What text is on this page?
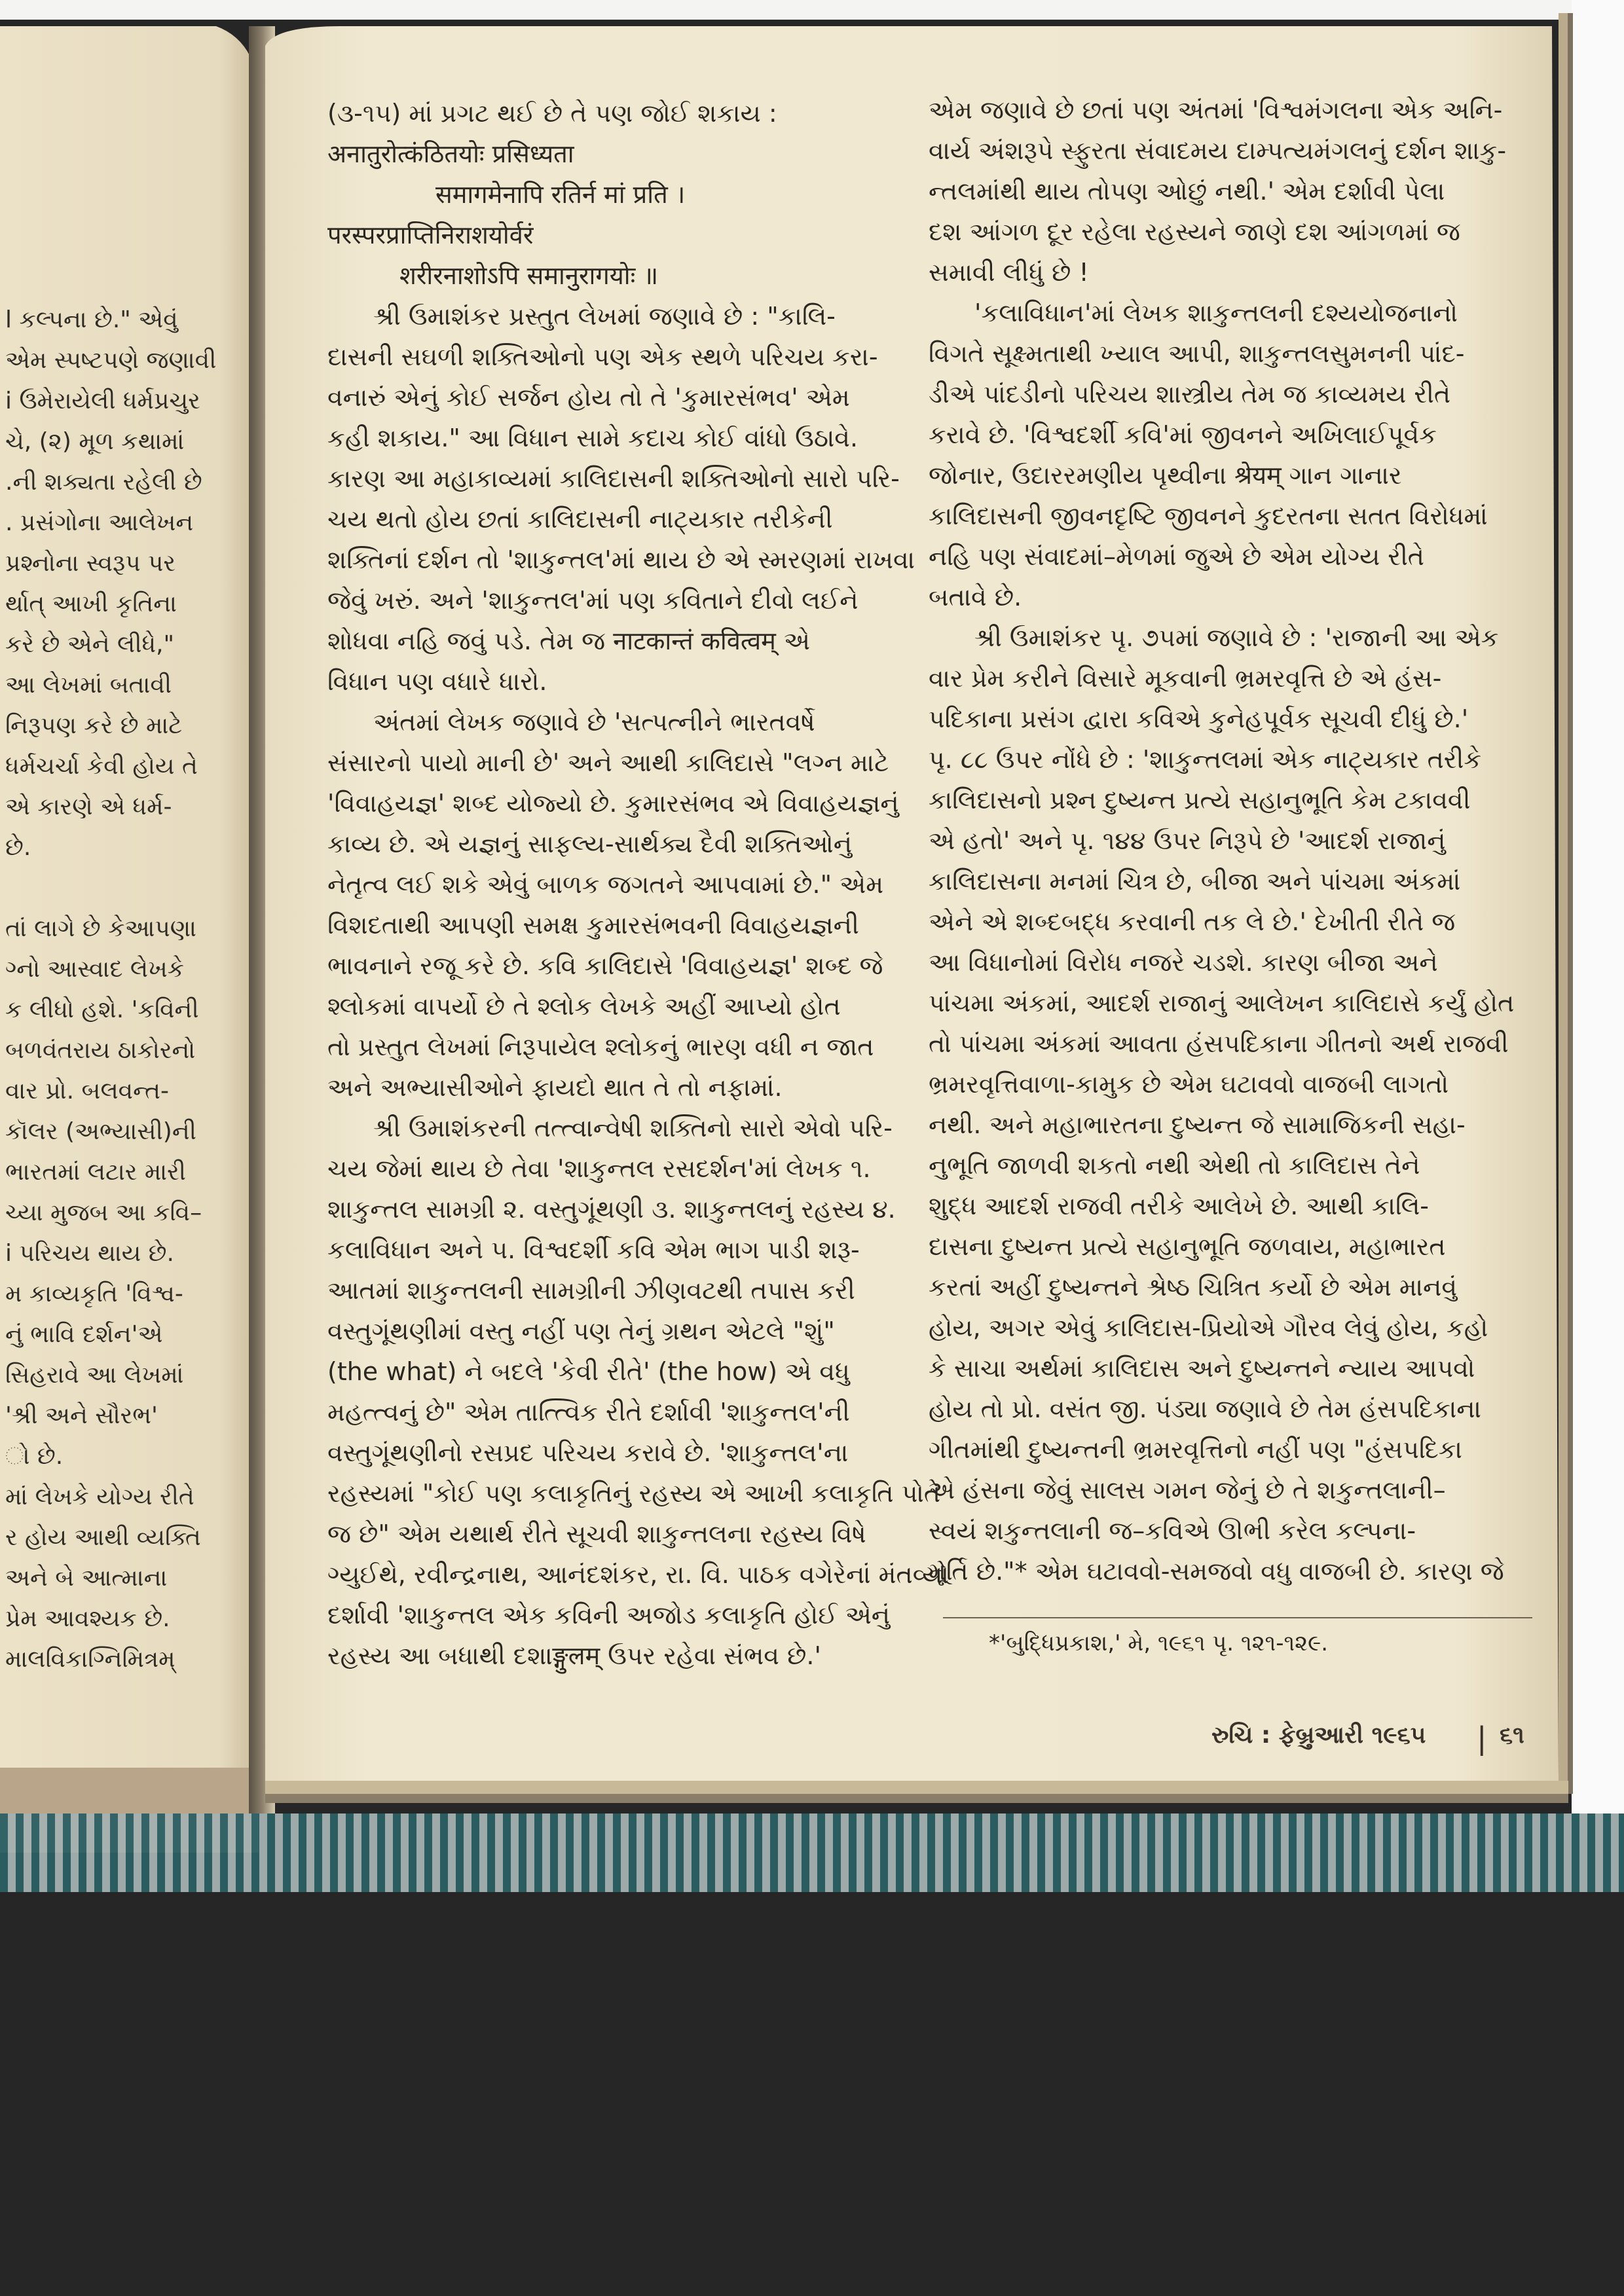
l કલ્પના છે." એવું
એમ સ્પષ્ટપણે જણાવી
i ઉમેરાયેલી ધર્મપ્રચુર
ચે, (૨) મૂળ કથામાં
.ની શક્યતા રહેલી છે
. પ્રસંગોના આલેખન
પ્રશ્નોના સ્વરૂપ પર
ર્થાત્ આખી કૃતિના
કરે છે એને લીધે,"
આ લેખમાં બતાવી
નિરૂપણ કરે છે માટે
ધર્મચર્ચા કેવી હોય તે
એ કારણે એ ધર્મ-
છે.
તાં લાગે છે કેઆપણા
ગ્નો આસ્વાદ લેખકે
ક લીધો હશે. 'કવિની
બળવંતરાય ઠાકોરનો
વાર પ્રો. બલવન્ત-
કૉલર (અભ્યાસી)ની
ભારતમાં લટાર મારી
ચ્યા મુજબ આ કવિ–
i પરિચય થાય છે.
મ કાવ્યકૃતિ 'વિશ્વ-
નું ભાવિ દર્શન'એ
સિહરાવે આ લેખમાં
'શ્રી અને સૌરભ'
ો છે.
માં લેખકે યોગ્ય રીતે
ર હોય આથી વ્યક્તિ
અને બે આત્માના
પ્રેમ આવશ્યક છે.
માલવિકાગ્નિમિત્રમ્
(૩-૧૫) માં પ્રગટ થઈ છે તે પણ જોઈ શકાય :
अनातुरोत्कंठितयोः प्रसिध्यता
समागमेनापि रतिर्न मां प्रति ।
परस्परप्राप्तिनिराशयोर्वरं
शरीरनाशोऽपि समानुरागयोः ॥
શ્રી ઉમાશંકર પ્રસ્તુત લેખમાં જણાવે છે : "કાલિ-
દાસની સઘળી શક્તિઓનો પણ એક સ્થળે પરિચય કરા-
વનારું એનું કોઈ સર્જન હોય તો તે 'કુમારસંભવ' એમ
કહી શકાય." આ વિધાન સામે કદાચ કોઈ વાંધો ઉઠાવે.
કારણ આ મહાકાવ્યમાં કાલિદાસની શક્તિઓનો સારો પરિ-
ચય થતો હોય છતાં કાલિદાસની નાટ્યકાર તરીકેની
શક્તિનાં દર્શન તો 'શાકુન્તલ'માં થાય છે એ સ્મરણમાં રાખવા
જેવું ખરું. અને 'શાકુન્તલ'માં પણ કવિતાને દીવો લઈને
શોધવા નહિ જવું પડે. તેમ જ नाटकान्तं कवित्वम् એ
વિધાન પણ વધારે ધારો.
અંતમાં લેખક જણાવે છે 'સત્પત્નીને ભારતવર્ષે
સંસારનો પાયો માની છે' અને આથી કાલિદાસે "લગ્ન માટે
'વિવાહયજ્ઞ' શબ્દ યોજ્યો છે. કુમારસંભવ એ વિવાહયજ્ઞનું
કાવ્ય છે. એ યજ્ઞનું સાફલ્ય-સાર્થક્ય દૈવી શક્તિઓનું
નેતૃત્વ લઈ શકે એવું બાળક જગતને આપવામાં છે." એમ
વિશદતાથી આપણી સમક્ષ કુમારસંભવની વિવાહયજ્ઞની
ભાવનાને રજૂ કરે છે. કવિ કાલિદાસે 'વિવાહયજ્ઞ' શબ્દ જે
શ્લોકમાં વાપર્યો છે તે શ્લોક લેખકે અહીં આપ્યો હોત
તો પ્રસ્તુત લેખમાં નિરૂપાયેલ શ્લોકનું ભારણ વધી ન જાત
અને અભ્યાસીઓને ફાયદો થાત તે તો નફામાં.
શ્રી ઉમાશંકરની તત્ત્વાન્વેષી શક્તિનો સારો એવો પરિ-
ચય જેમાં થાય છે તેવા 'શાકુન્તલ રસદર્શન'માં લેખક ૧.
શાકુન્તલ સામગ્રી ૨. વસ્તુગૂંથણી ૩. શાકુન્તલનું રહસ્ય ૪.
કલાવિધાન અને ૫. વિશ્વદર્શી કવિ એમ ભાગ પાડી શરૂ-
આતમાં શાકુન્તલની સામગ્રીની ઝીણવટથી તપાસ કરી
વસ્તુગૂંથણીમાં વસ્તુ નહીં પણ તેનું ગ્રથન એટલે "શું"
(the what) ને બદલે 'કેવી રીતે' (the how) એ વધુ
મહત્ત્વનું છે" એમ તાત્ત્વિક રીતે દર્શાવી 'શાકુન્તલ'ની
વસ્તુગૂંથણીનો રસપ્રદ પરિચય કરાવે છે. 'શાકુન્તલ'ના
રહસ્યમાં "કોઈ પણ કલાકૃતિનું રહસ્ય એ આખી કલાકૃતિ પોતે
જ છે" એમ યથાર્થ રીતે સૂચવી શાકુન્તલના રહસ્ય વિષે
ગ્યુઈથે, રવીન્દ્રનાથ, આનંદશંકર, રા. વિ. પાઠક વગેરેનાં મંતવ્યો
દર્શાવી 'શાકુન્તલ એક કવિની અજોડ કલાકૃતિ હોઈ એનું
રહસ્ય આ બધાથી દશાङ्गुलम् ઉપર રહેવા સંભવ છે.'
એમ જણાવે છે છતાં પણ અંતમાં 'વિશ્વમંગલના એક અનિ-
વાર્ય અંશરૂપે સ્ફુરતા સંવાદમય દામ્પત્યમંગલનું દર્શન શાકુ-
ન્તલમાંથી થાય તોપણ ઓછું નથી.' એમ દર્શાવી પેલા
દશ આંગળ દૂર રહેલા રહસ્યને જાણે દશ આંગળમાં જ
સમાવી લીધું છે !
'કલાવિધાન'માં લેખક શાકુન્તલની દશ્યયોજનાનો
વિગતે સૂક્ષ્મતાથી ખ્યાલ આપી, શાકુન્તલસુમનની પાંદ-
ડીએ પાંદડીનો પરિચય શાસ્ત્રીય તેમ જ કાવ્યમય રીતે
કરાવે છે. 'વિશ્વદર્શી કવિ'માં જીવનને અખિલાઈપૂર્વક
જોનાર, ઉદારરમણીય પૃથ્વીના श्रेयम् ગાન ગાનાર
કાલિદાસની જીવનદૃષ્ટિ જીવનને કુદરતના સતત વિરોધમાં
નહિ પણ સંવાદમાં–મેળમાં જુએ છે એમ યોગ્ય રીતે
બતાવે છે.
શ્રી ઉમાશંકર પૃ. ૭૫માં જણાવે છે : 'રાજાની આ એક
વાર પ્રેમ કરીને વિસારે મૂકવાની ભ્રમરવૃત્તિ છે એ હંસ-
પદિકાના પ્રસંગ દ્વારા કવિએ કુનેહપૂર્વક સૂચવી દીધું છે.'
પૃ. ૮૮ ઉપર નોંધે છે : 'શાકુન્તલમાં એક નાટ્યકાર તરીકે
કાલિદાસનો પ્રશ્ન દુષ્યન્ત પ્રત્યે સહાનુભૂતિ કેમ ટકાવવી
એ હતો' અને પૃ. ૧૪૪ ઉપર નિરૂપે છે 'આદર્શ રાજાનું
કાલિદાસના મનમાં ચિત્ર છે, બીજા અને પાંચમા અંકમાં
એને એ શબ્દબદ્ધ કરવાની તક લે છે.' દેખીતી રીતે જ
આ વિધાનોમાં વિરોધ નજરે ચડશે. કારણ બીજા અને
પાંચમા અંકમાં, આદર્શ રાજાનું આલેખન કાલિદાસે કર્યું હોત
તો પાંચમા અંકમાં આવતા હંસપદિકાના ગીતનો અર્થ રાજવી
ભ્રમરવૃત્તિવાળા-કામુક છે એમ ઘટાવવો વાજબી લાગતો
નથી. અને મહાભારતના દુષ્યન્ત જે સામાજિકની સહા-
નુભૂતિ જાળવી શકતો નથી એથી તો કાલિદાસ તેને
શુદ્ધ આદર્શ રાજવી તરીકે આલેખે છે. આથી કાલિ-
દાસના દુષ્યન્ત પ્રત્યે સહાનુભૂતિ જળવાય, મહાભારત
કરતાં અહીં દુષ્યન્તને શ્રેષ્ઠ ચિત્રિત કર્યો છે એમ માનવું
હોય, અગર એવું કાલિદાસ-પ્રિયોએ ગૌરવ લેવું હોય, કહો
કે સાચા અર્થમાં કાલિદાસ અને દુષ્યન્તને ન્યાય આપવો
હોય તો પ્રો. વસંત જી. પંડ્યા જણાવે છે તેમ હંસપદિકાના
ગીતમાંથી દુષ્યન્તની ભ્રમરવૃત્તિનો નહીં પણ "હંસપદિકા
એ હંસના જેવું સાલસ ગમન જેનું છે તે શકુન્તલાની–
સ્વયં શકુન્તલાની જ–કવિએ ઊભી કરેલ કલ્પના-
મૂર્તિ છે."* એમ ઘટાવવો-સમજવો વધુ વાજબી છે. કારણ જે
*'બુદ્ધિપ્રકાશ,' મે, ૧૯૬૧ પૃ. ૧૨૧-૧૨૯.
રુચિ : ફેબ્રુઆરી ૧૯૬૫ | ૬૧
